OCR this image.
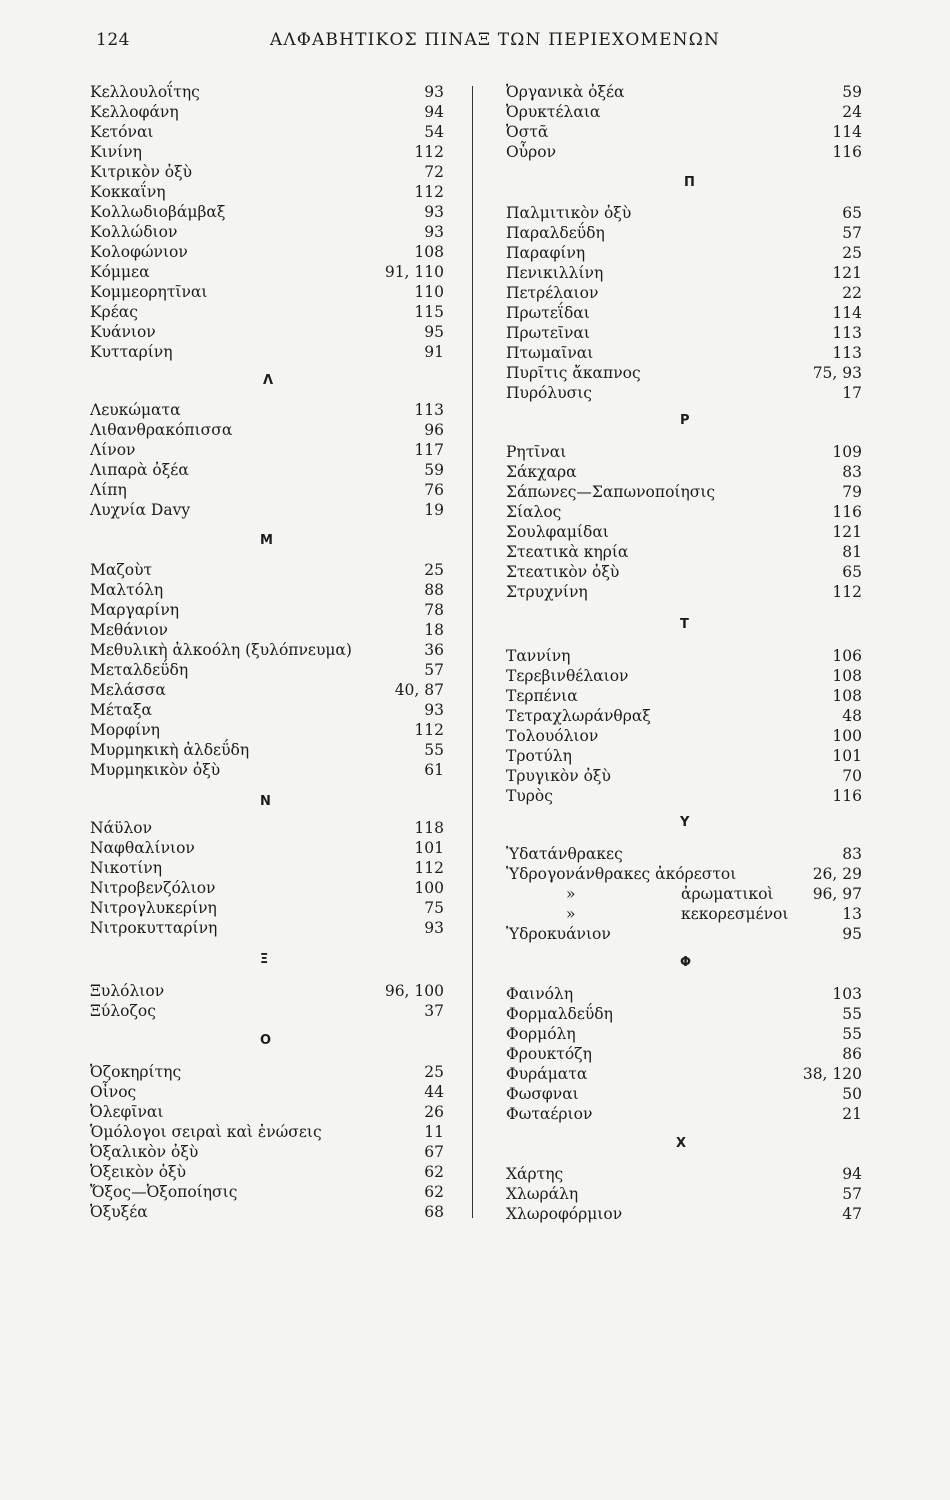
124	ΑΛΦΑΒΗΤΙΚΟΣ ΠΙΝΑΞ ΤΩΝ ΠΕΡΙΕΧΟΜΕΝΩΝ
Κελλουλοΐτης	93
Κελλοφάνη	94
Κετόναι	54
Κινίνη	112
Κιτρικὸν ὀξὺ	72
Κοκκαΐνη	112
Κολλωδιοβάμβαξ	93
Κολλώδιον	93
Κολοφώνιον	108
Κόμμεα	91, 110
Κομμεορητῖναι	110
Κρέας	115
Κυάνιον	95
Κυτταρίνη	91
Λ
Λευκώματα	113
Λιθανθρακόπισσα	96
Λίνον	117
Λιπαρὰ ὀξέα	59
Λίπη	76
Λυχνία Davy	19
Μ
Μαζοὺτ	25
Μαλτόλη	88
Μαργαρίνη	78
Μεθάνιον	18
Μεθυλικὴ ἀλκοόλη (ξυλόπνευμα)	36
Μεταλδεΰδη	57
Μελάσσα	40, 87
Μέταξα	93
Μορφίνη	112
Μυρμηκικὴ ἀλδεΰδη	55
Μυρμηκικὸν ὀξὺ	61
Ν
Νάϋλον	118
Ναφθαλίνιον	101
Νικοτίνη	112
Νιτροβενζόλιον	100
Νιτρογλυκερίνη	75
Νιτροκυτταρίνη	93
Ξ
Ξυλόλιον	96, 100
Ξύλοζος	37
Ο
Ὀζοκηρίτης	25
Οἶνος	44
Ὀλεφῖναι	26
Ὁμόλογοι σειραὶ καὶ ἑνώσεις	11
Ὀξαλικὸν ὀξὺ	67
Ὀξεικὸν ὀξὺ	62
Ὄξος—Ὀξοποίησις	62
Ὀξυξέα	68
Ὀργανικὰ ὀξέα	59
Ὀρυκτέλαια	24
Ὀστᾶ	114
Οὖρον	116
Π
Παλμιτικὸν ὀξὺ	65
Παραλδεΰδη	57
Παραφίνη	25
Πενικιλλίνη	121
Πετρέλαιον	22
Πρωτεΐδαι	114
Πρωτεῖναι	113
Πτωμαῖναι	113
Πυρῖτις ἄκαπνος	75, 93
Πυρόλυσις	17
Ρ
Ρητῖναι	109
Σάκχαρα	83
Σάπωνες—Σαπωνοποίησις	79
Σίαλος	116
Σουλφαμίδαι	121
Στεατικὰ κηρία	81
Στεατικὸν ὀξὺ	65
Στρυχνίνη	112
Τ
Ταννίνη	106
Τερεβινθέλαιον	108
Τερπένια	108
Τετραχλωράνθραξ	48
Τολουόλιον	100
Τροτύλη	101
Τρυγικὸν ὀξὺ	70
Τυρὸς	116
Υ
Ὑδατάνθρακες	83
Ὑδρογονάνθρακες ἀκόρεστοι	26, 29
»	ἀρωματικοὶ	96, 97
»	κεκορεσμένοι	13
Ὑδροκυάνιον	95
Φ
Φαινόλη	103
Φορμαλδεΰδη	55
Φορμόλη	55
Φρουκτόζη	86
Φυράματα	38, 120
Φωσφναι	50
Φωταέριον	21
Χ
Χάρτης	94
Χλωράλη	57
Χλωροφόρμιον	47
